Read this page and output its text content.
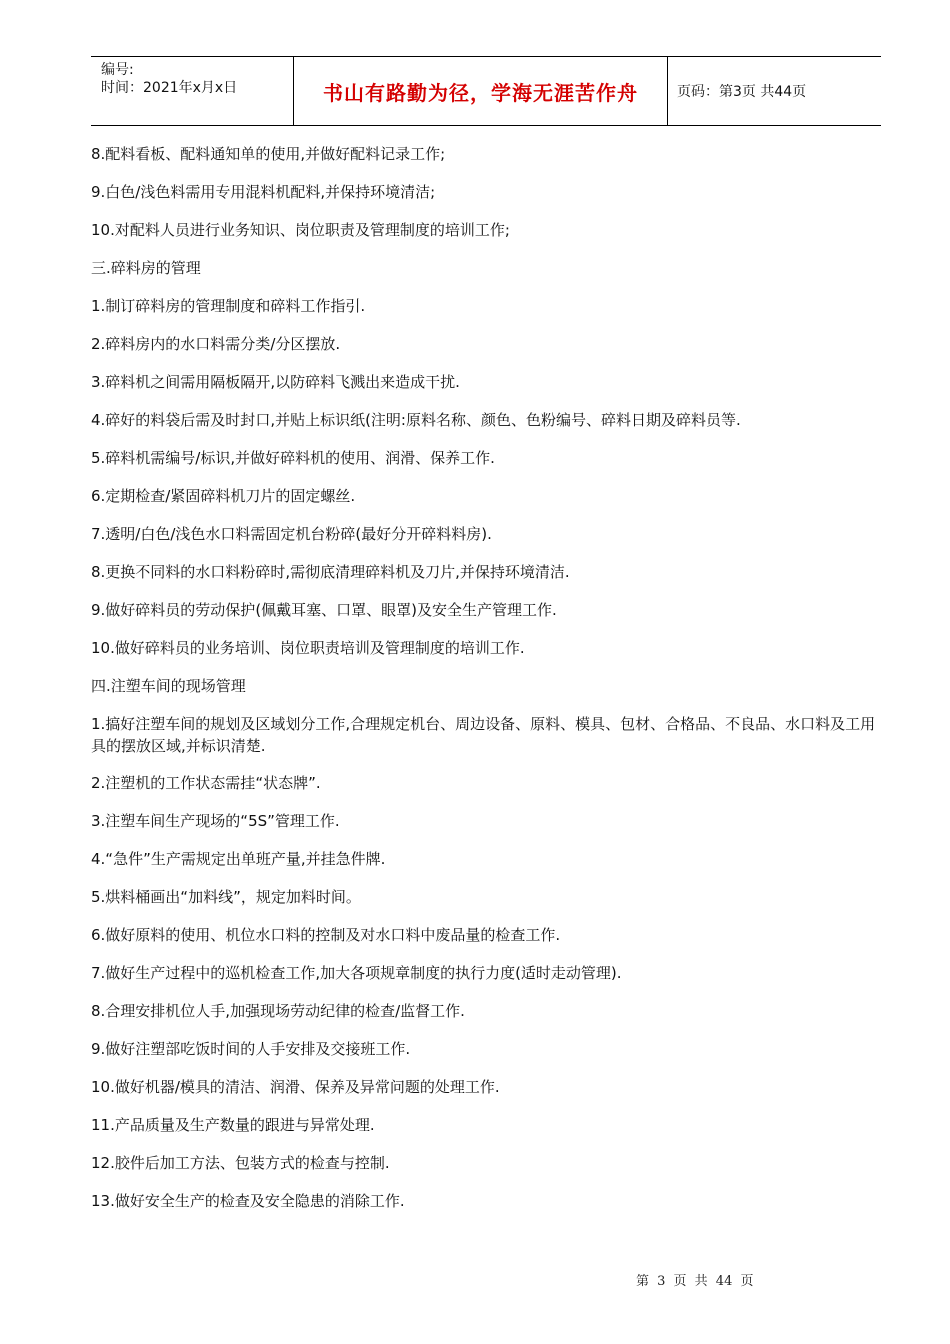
编号:
时间：2021年x月x日	书山有路勤为径，学海无涯苦作舟	页码：第3页 共44页

8.配料看板、配料通知单的使用,并做好配料记录工作;

9.白色/浅色料需用专用混料机配料,并保持环境清洁;

10.对配料人员进行业务知识、岗位职责及管理制度的培训工作;

三.碎料房的管理

1.制订碎料房的管理制度和碎料工作指引.

2.碎料房内的水口料需分类/分区摆放.

3.碎料机之间需用隔板隔开,以防碎料飞溅出来造成干扰.

4.碎好的料袋后需及时封口,并贴上标识纸(注明:原料名称、颜色、色粉编号、碎料日期及碎料员等.

5.碎料机需编号/标识,并做好碎料机的使用、润滑、保养工作.

6.定期检查/紧固碎料机刀片的固定螺丝.

7.透明/白色/浅色水口料需固定机台粉碎(最好分开碎料料房).

8.更换不同料的水口料粉碎时,需彻底清理碎料机及刀片,并保持环境清洁.

9.做好碎料员的劳动保护(佩戴耳塞、口罩、眼罩)及安全生产管理工作.

10.做好碎料员的业务培训、岗位职责培训及管理制度的培训工作.

四.注塑车间的现场管理

1.搞好注塑车间的规划及区域划分工作,合理规定机台、周边设备、原料、模具、包材、合格品、不良品、水口料及工用具的摆放区域,并标识清楚.

2.注塑机的工作状态需挂“状态牌”.

3.注塑车间生产现场的“5S”管理工作.

4.“急件”生产需规定出单班产量,并挂急件牌.

5.烘料桶画出“加料线”，规定加料时间。

6.做好原料的使用、机位水口料的控制及对水口料中废品量的检查工作.

7.做好生产过程中的巡机检查工作,加大各项规章制度的执行力度(适时走动管理).

8.合理安排机位人手,加强现场劳动纪律的检查/监督工作.

9.做好注塑部吃饭时间的人手安排及交接班工作.

10.做好机器/模具的清洁、润滑、保养及异常问题的处理工作.

11.产品质量及生产数量的跟进与异常处理.

12.胶件后加工方法、包装方式的检查与控制.

13.做好安全生产的检查及安全隐患的消除工作.

第 3 页 共 44 页
